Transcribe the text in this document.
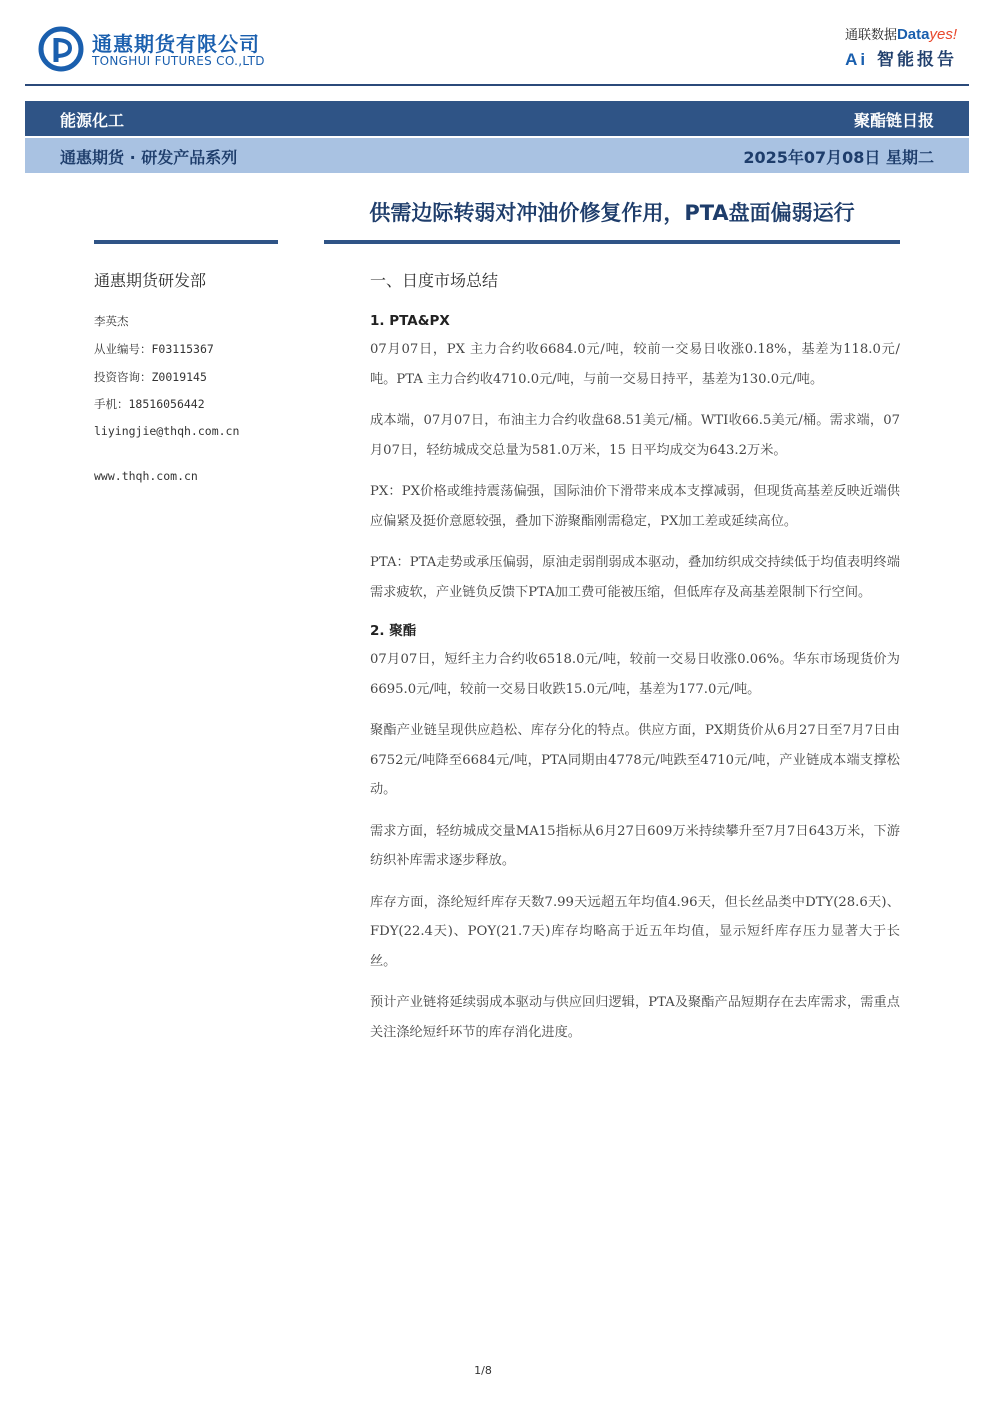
通惠期货有限公司
TONGHUI FUTURES CO.,LTD
通联数据Datayes!
Ai 智能报告
能源化工	聚酯链日报
通惠期货 · 研发产品系列	2025年07月08日 星期二
供需边际转弱对冲油价修复作用，PTA盘面偏弱运行
通惠期货研发部
李英杰
从业编号：F03115367
投资咨询：Z0019145
手机：18516056442
liyingjie@thqh.com.cn
www.thqh.com.cn
一、日度市场总结
1. PTA&PX

07月07日，PX 主力合约收6684.0元/吨，较前一交易日收涨0.18%，基差为118.0元/吨。PTA 主力合约收4710.0元/吨，与前一交易日持平，基差为130.0元/吨。

成本端，07月07日，布油主力合约收盘68.51美元/桶。WTI收66.5美元/桶。需求端，07月07日，轻纺城成交总量为581.0万米，15 日平均成交为643.2万米。

PX：PX价格或维持震荡偏强，国际油价下滑带来成本支撑减弱，但现货高基差反映近端供应偏紧及挺价意愿较强，叠加下游聚酯刚需稳定，PX加工差或延续高位。

PTA：PTA走势或承压偏弱，原油走弱削弱成本驱动，叠加纺织成交持续低于均值表明终端需求疲软，产业链负反馈下PTA加工费可能被压缩，但低库存及高基差限制下行空间。

2. 聚酯

07月07日，短纤主力合约收6518.0元/吨，较前一交易日收涨0.06%。华东市场现货价为6695.0元/吨，较前一交易日收跌15.0元/吨，基差为177.0元/吨。

聚酯产业链呈现供应趋松、库存分化的特点。供应方面，PX期货价从6月27日至7月7日由6752元/吨降至6684元/吨，PTA同期由4778元/吨跌至4710元/吨，产业链成本端支撑松动。

需求方面，轻纺城成交量MA15指标从6月27日609万米持续攀升至7月7日643万米，下游纺织补库需求逐步释放。

库存方面，涤纶短纤库存天数7.99天远超五年均值4.96天，但长丝品类中DTY(28.6天)、FDY(22.4天)、POY(21.7天)库存均略高于近五年均值，显示短纤库存压力显著大于长丝。

预计产业链将延续弱成本驱动与供应回归逻辑，PTA及聚酯产品短期存在去库需求，需重点关注涤纶短纤环节的库存消化进度。

1/8
